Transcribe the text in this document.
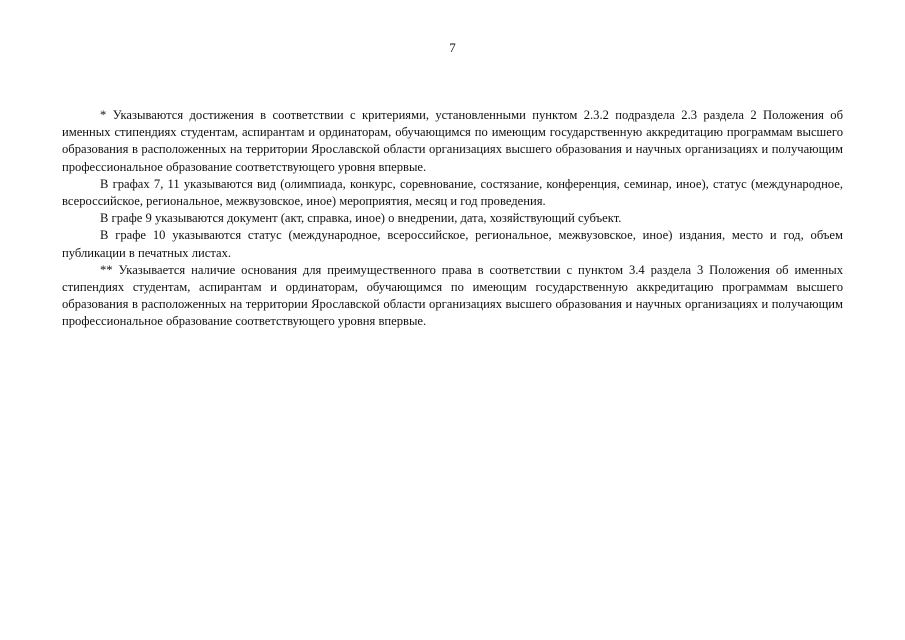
7

* Указываются достижения в соответствии с критериями, установленными пунктом 2.3.2 подраздела 2.3 раздела 2 Положения об именных стипендиях студентам, аспирантам и ординаторам, обучающимся по имеющим государственную аккредитацию программам высшего образования в расположенных на территории Ярославской области организациях высшего образования и научных организациях и получающим профессиональное образование соответствующего уровня впервые.

В графах 7, 11 указываются вид (олимпиада, конкурс, соревнование, состязание, конференция, семинар, иное), статус (международное, всероссийское, региональное, межвузовское, иное) мероприятия, месяц и год проведения.

В графе 9 указываются документ (акт, справка, иное) о внедрении, дата, хозяйствующий субъект.

В графе 10 указываются статус (международное, всероссийское, региональное, межвузовское, иное) издания, место и год, объем публикации в печатных листах.

** Указывается наличие основания для преимущественного права в соответствии с пунктом 3.4 раздела 3 Положения об именных стипендиях студентам, аспирантам и ординаторам, обучающимся по имеющим государственную аккредитацию программам высшего образования в расположенных на территории Ярославской области организациях высшего образования и научных организациях и получающим профессиональное образование соответствующего уровня впервые.
